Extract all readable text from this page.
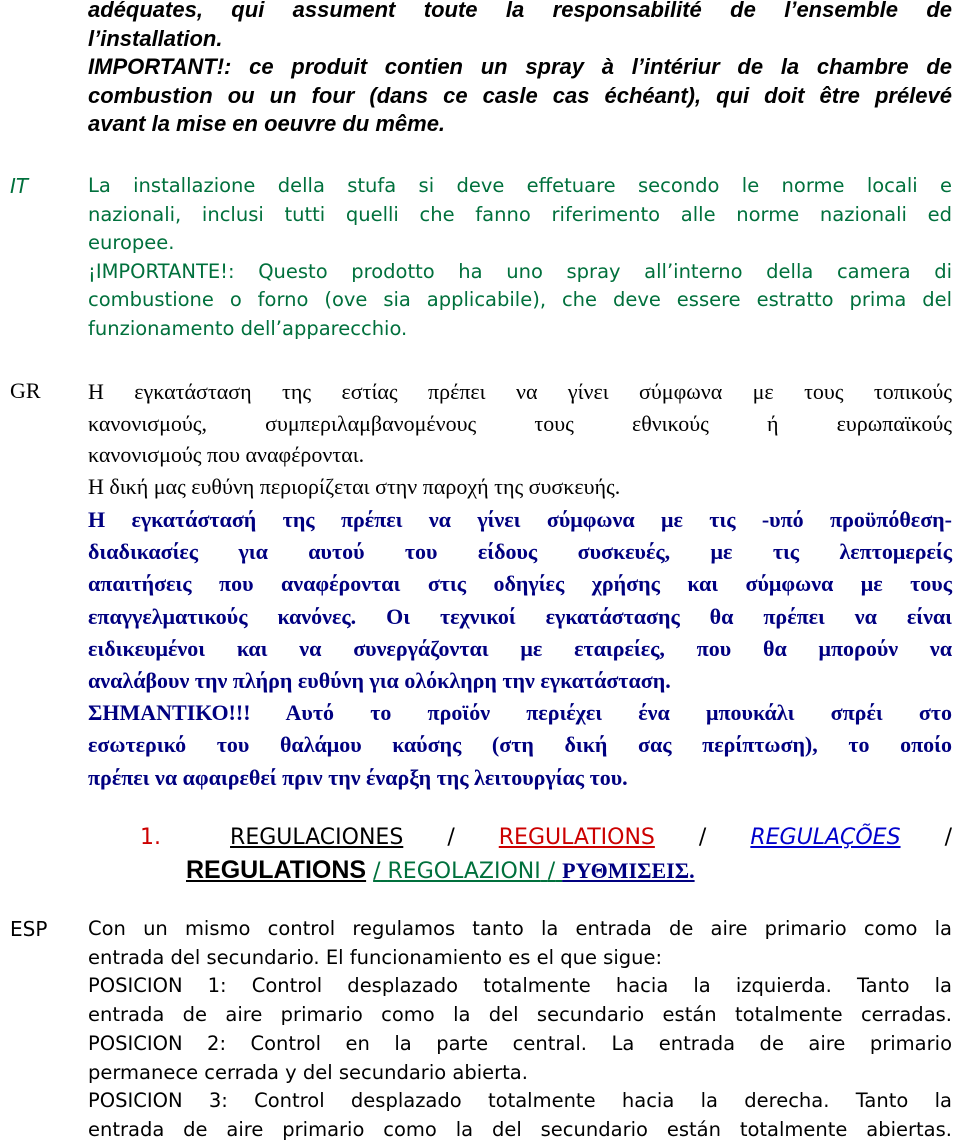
adéquates, qui assument toute la responsabilité de l’ensemble de
l’installation.
IMPORTANT!: ce produit contien un spray à l’intériur de la chambre de
combustion ou un four (dans ce casle cas échéant), qui doit être prélevé
avant la mise en oeuvre du même.
IT	La installazione della stufa si deve effetuare secondo le norme locali e
nazionali, inclusi tutti quelli che fanno riferimento alle norme nazionali ed
europee.
¡IMPORTANTE!: Questo prodotto ha uno spray all’interno della camera di
combustione o forno (ove sia applicabile), che deve essere estratto prima del
funzionamento dell’apparecchio.
GR Η εγκατάσταση της εστίας πρέπει να γίνει σύμφωνα με τους τοπικούς
κανονισμούς, συμπεριλαμβανομένους τους εθνικούς ή ευρωπαϊκούς
κανονισμούς που αναφέρονται.
Η δική μας ευθύνη περιορίζεται στην παροχή της συσκευής.
Η εγκατάστασή της πρέπει να γίνει σύμφωνα με τις -υπό προϋπόθεση-
διαδικασίες για αυτού του είδους συσκευές, με τις λεπτομερείς
απαιτήσεις που αναφέρονται στις οδηγίες χρήσης και σύμφωνα με τους
επαγγελματικούς κανόνες. Οι τεχνικοί εγκατάστασης θα πρέπει να είναι
ειδικευμένοι και να συνεργάζονται με εταιρείες, που θα μπορούν να
αναλάβουν την πλήρη ευθύνη για ολόκληρη την εγκατάσταση.
ΣΗΜΑΝΤΙΚΟ!!! Αυτό το προϊόν περιέχει ένα μπουκάλι σπρέι στο
εσωτερικό του θαλάμου καύσης (στη δική σας περίπτωση), το οποίο
πρέπει να αφαιρεθεί πριν την έναρξη της λειτουργίας του.
1.	REGULACIONES / REGULATIONS / REGULAÇÕES /
REGULATIONS / REGOLAZIONI / ΡΥΘΜΙΣΕΙΣ.
ESP Con un mismo control regulamos tanto la entrada de aire primario como la
entrada del secundario. El funcionamiento es el que sigue:
POSICION 1: Control desplazado totalmente hacia la izquierda. Tanto la
entrada de aire primario como la del secundario están totalmente cerradas.
POSICION 2: Control en la parte central. La entrada de aire primario
permanece cerrada y del secundario abierta.
POSICION 3: Control desplazado totalmente hacia la derecha. Tanto la
entrada de aire primario como la del secundario están totalmente abiertas.
